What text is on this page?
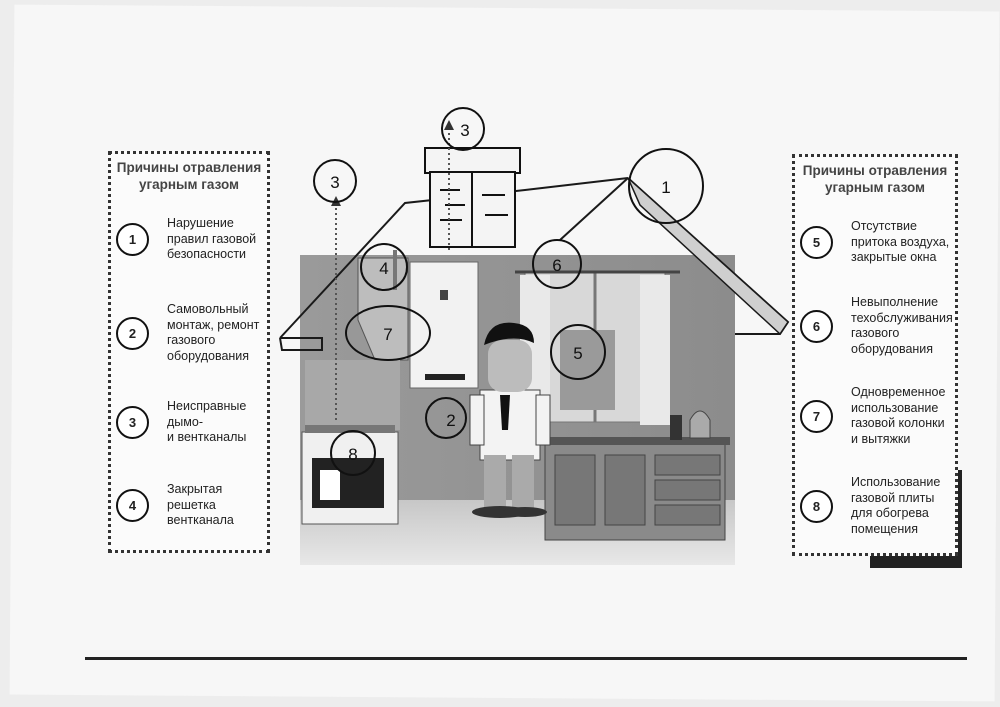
1
2
3
3
4
5
6
7
8
Причины отравления
угарным газом
1
Нарушение
правил газовой
безопасности
2
Самовольный
монтаж, ремонт
газового
оборудования
3
Неисправные
дымо-
и вентканалы
4
Закрытая
решетка
вентканала
Причины отравления
угарным газом
5
Отсутствие
притока воздуха,
закрытые окна
6
Невыполнение
техобслуживания
газового
оборудования
7
Одновременное
использование
газовой колонки
и вытяжки
8
Использование
газовой плиты
для обогрева
помещения
